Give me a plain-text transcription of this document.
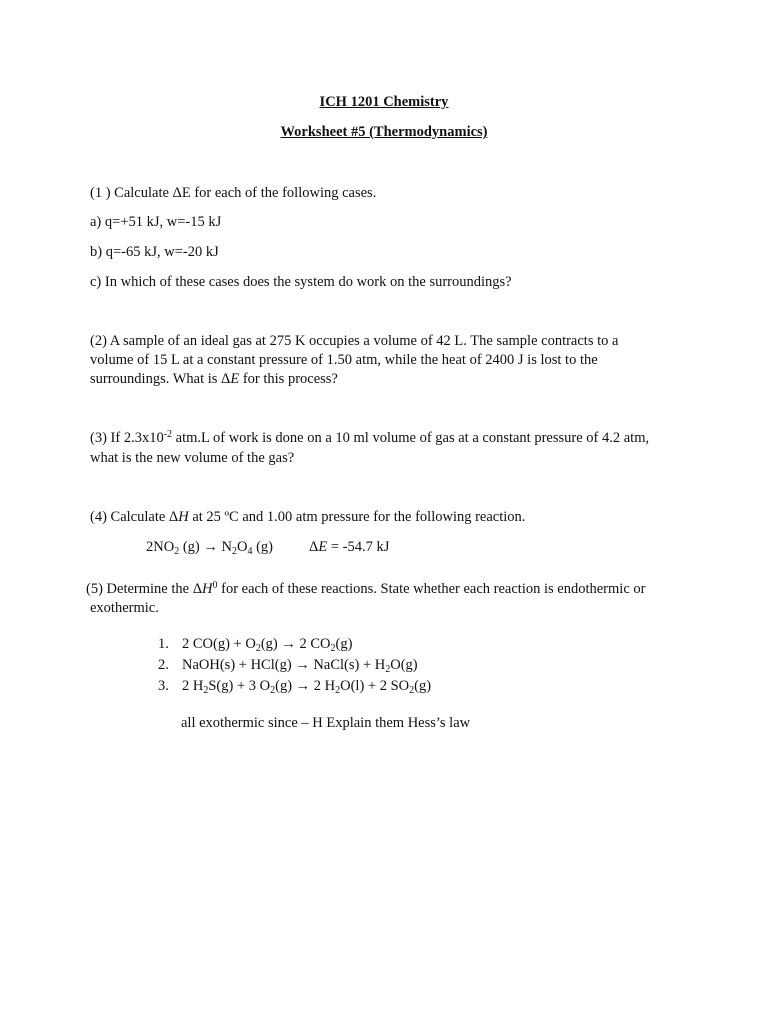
ICH 1201 Chemistry
Worksheet #5 (Thermodynamics)
(1 ) Calculate ΔE for each of the following cases.
a) q=+51 kJ, w=-15 kJ
b) q=-65 kJ, w=-20 kJ
c) In which of these cases does the system do work on the surroundings?
(2) A sample of an ideal gas at 275 K occupies a volume of 42 L. The sample contracts to a
volume of 15 L at a constant pressure of 1.50 atm, while the heat of 2400 J is lost to the
surroundings. What is ΔE for this process?
(3) If $2.3x10^{-2}$ atm.L of work is done on a 10 ml volume of gas at a constant pressure of 4.2 atm,
what is the new volume of the gas?
(4) Calculate ΔH at 25 ºC and 1.00 atm pressure for the following reaction.
$2NO_2$ $(g) \to N_2O_4$ (g) ΔE = -54.7 kJ
(5) Determine the $\Delta H^0$ for each of these reactions. State whether each reaction is endothermic or
exothermic.
1. 2 $CO(g) + O_2(g) \to 2$ $CO_2(g)$
2. NaOH(s) + HCl(g) → NaCl(s) + $H_2O(g)$
3. 2 $H_2S(g) + 3$ $O_2(g) \to 2$ $H_2O(l) + 2$ $SO_2(g)$
all exothermic since – H Explain them Hess’s law
